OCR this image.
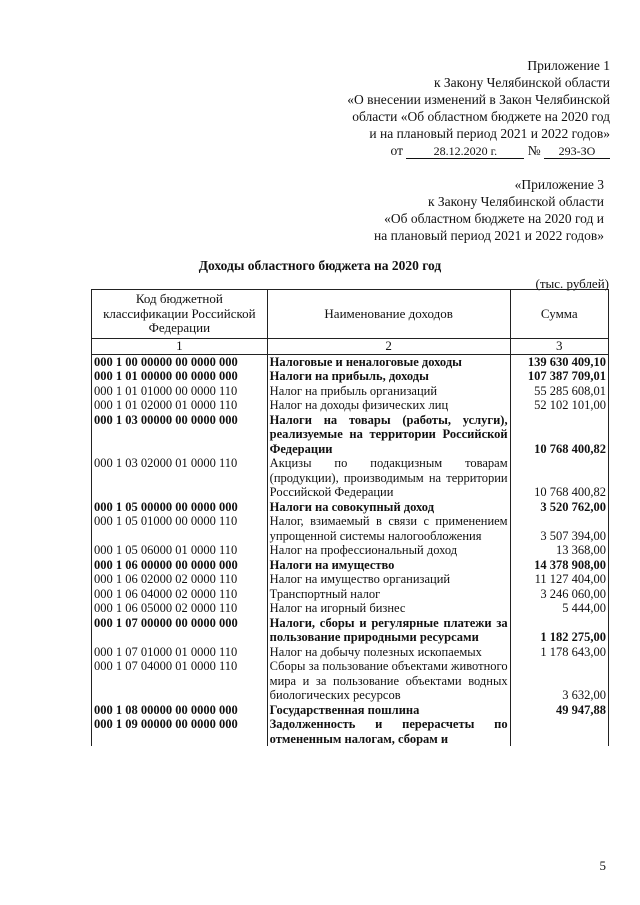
Приложение 1
к Закону Челябинской области
«О внесении изменений в Закон Челябинской
области «Об областном бюджете на 2020 год
и на плановый период 2021 и 2022 годов»
от	28.12.2020 г. № 293-ЗО
«Приложение 3
к Закону Челябинской области
«Об областном бюджете на 2020 год и
на плановый период 2021 и 2022 годов»
Доходы областного бюджета на 2020 год
(тыс. рублей)
Код бюджетной классификации Российской Федерации	Наименование доходов	Сумма
1	2	3
000 1 00 00000 00 0000 000	Налоговые и неналоговые доходы	139 630 409,10
000 1 01 00000 00 0000 000	Налоги на прибыль, доходы	107 387 709,01
000 1 01 01000 00 0000 110	Налог на прибыль организаций	55 285 608,01
000 1 01 02000 01 0000 110	Налог на доходы физических лиц	52 102 101,00
000 1 03 00000 00 0000 000	Налоги на товары (работы, услуги), реализуемые на территории Российской Федерации	10 768 400,82
000 1 03 02000 01 0000 110	Акцизы по подакцизным товарам (продукции), производимым на территории Российской Федерации	10 768 400,82
000 1 05 00000 00 0000 000	Налоги на совокупный доход	3 520 762,00
000 1 05 01000 00 0000 110	Налог, взимаемый в связи с применением упрощенной системы налогообложения	3 507 394,00
000 1 05 06000 01 0000 110	Налог на профессиональный доход	13 368,00
000 1 06 00000 00 0000 000	Налоги на имущество	14 378 908,00
000 1 06 02000 02 0000 110	Налог на имущество организаций	11 127 404,00
000 1 06 04000 02 0000 110	Транспортный налог	3 246 060,00
000 1 06 05000 02 0000 110	Налог на игорный бизнес	5 444,00
000 1 07 00000 00 0000 000	Налоги, сборы и регулярные платежи за пользование природными ресурсами	1 182 275,00
000 1 07 01000 01 0000 110	Налог на добычу полезных ископаемых	1 178 643,00
000 1 07 04000 01 0000 110	Сборы за пользование объектами животного мира и за пользование объектами водных биологических ресурсов	3 632,00
000 1 08 00000 00 0000 000	Государственная пошлина	49 947,88
000 1 09 00000 00 0000 000	Задолженность и перерасчеты по отмененным налогам, сборам и	
5
